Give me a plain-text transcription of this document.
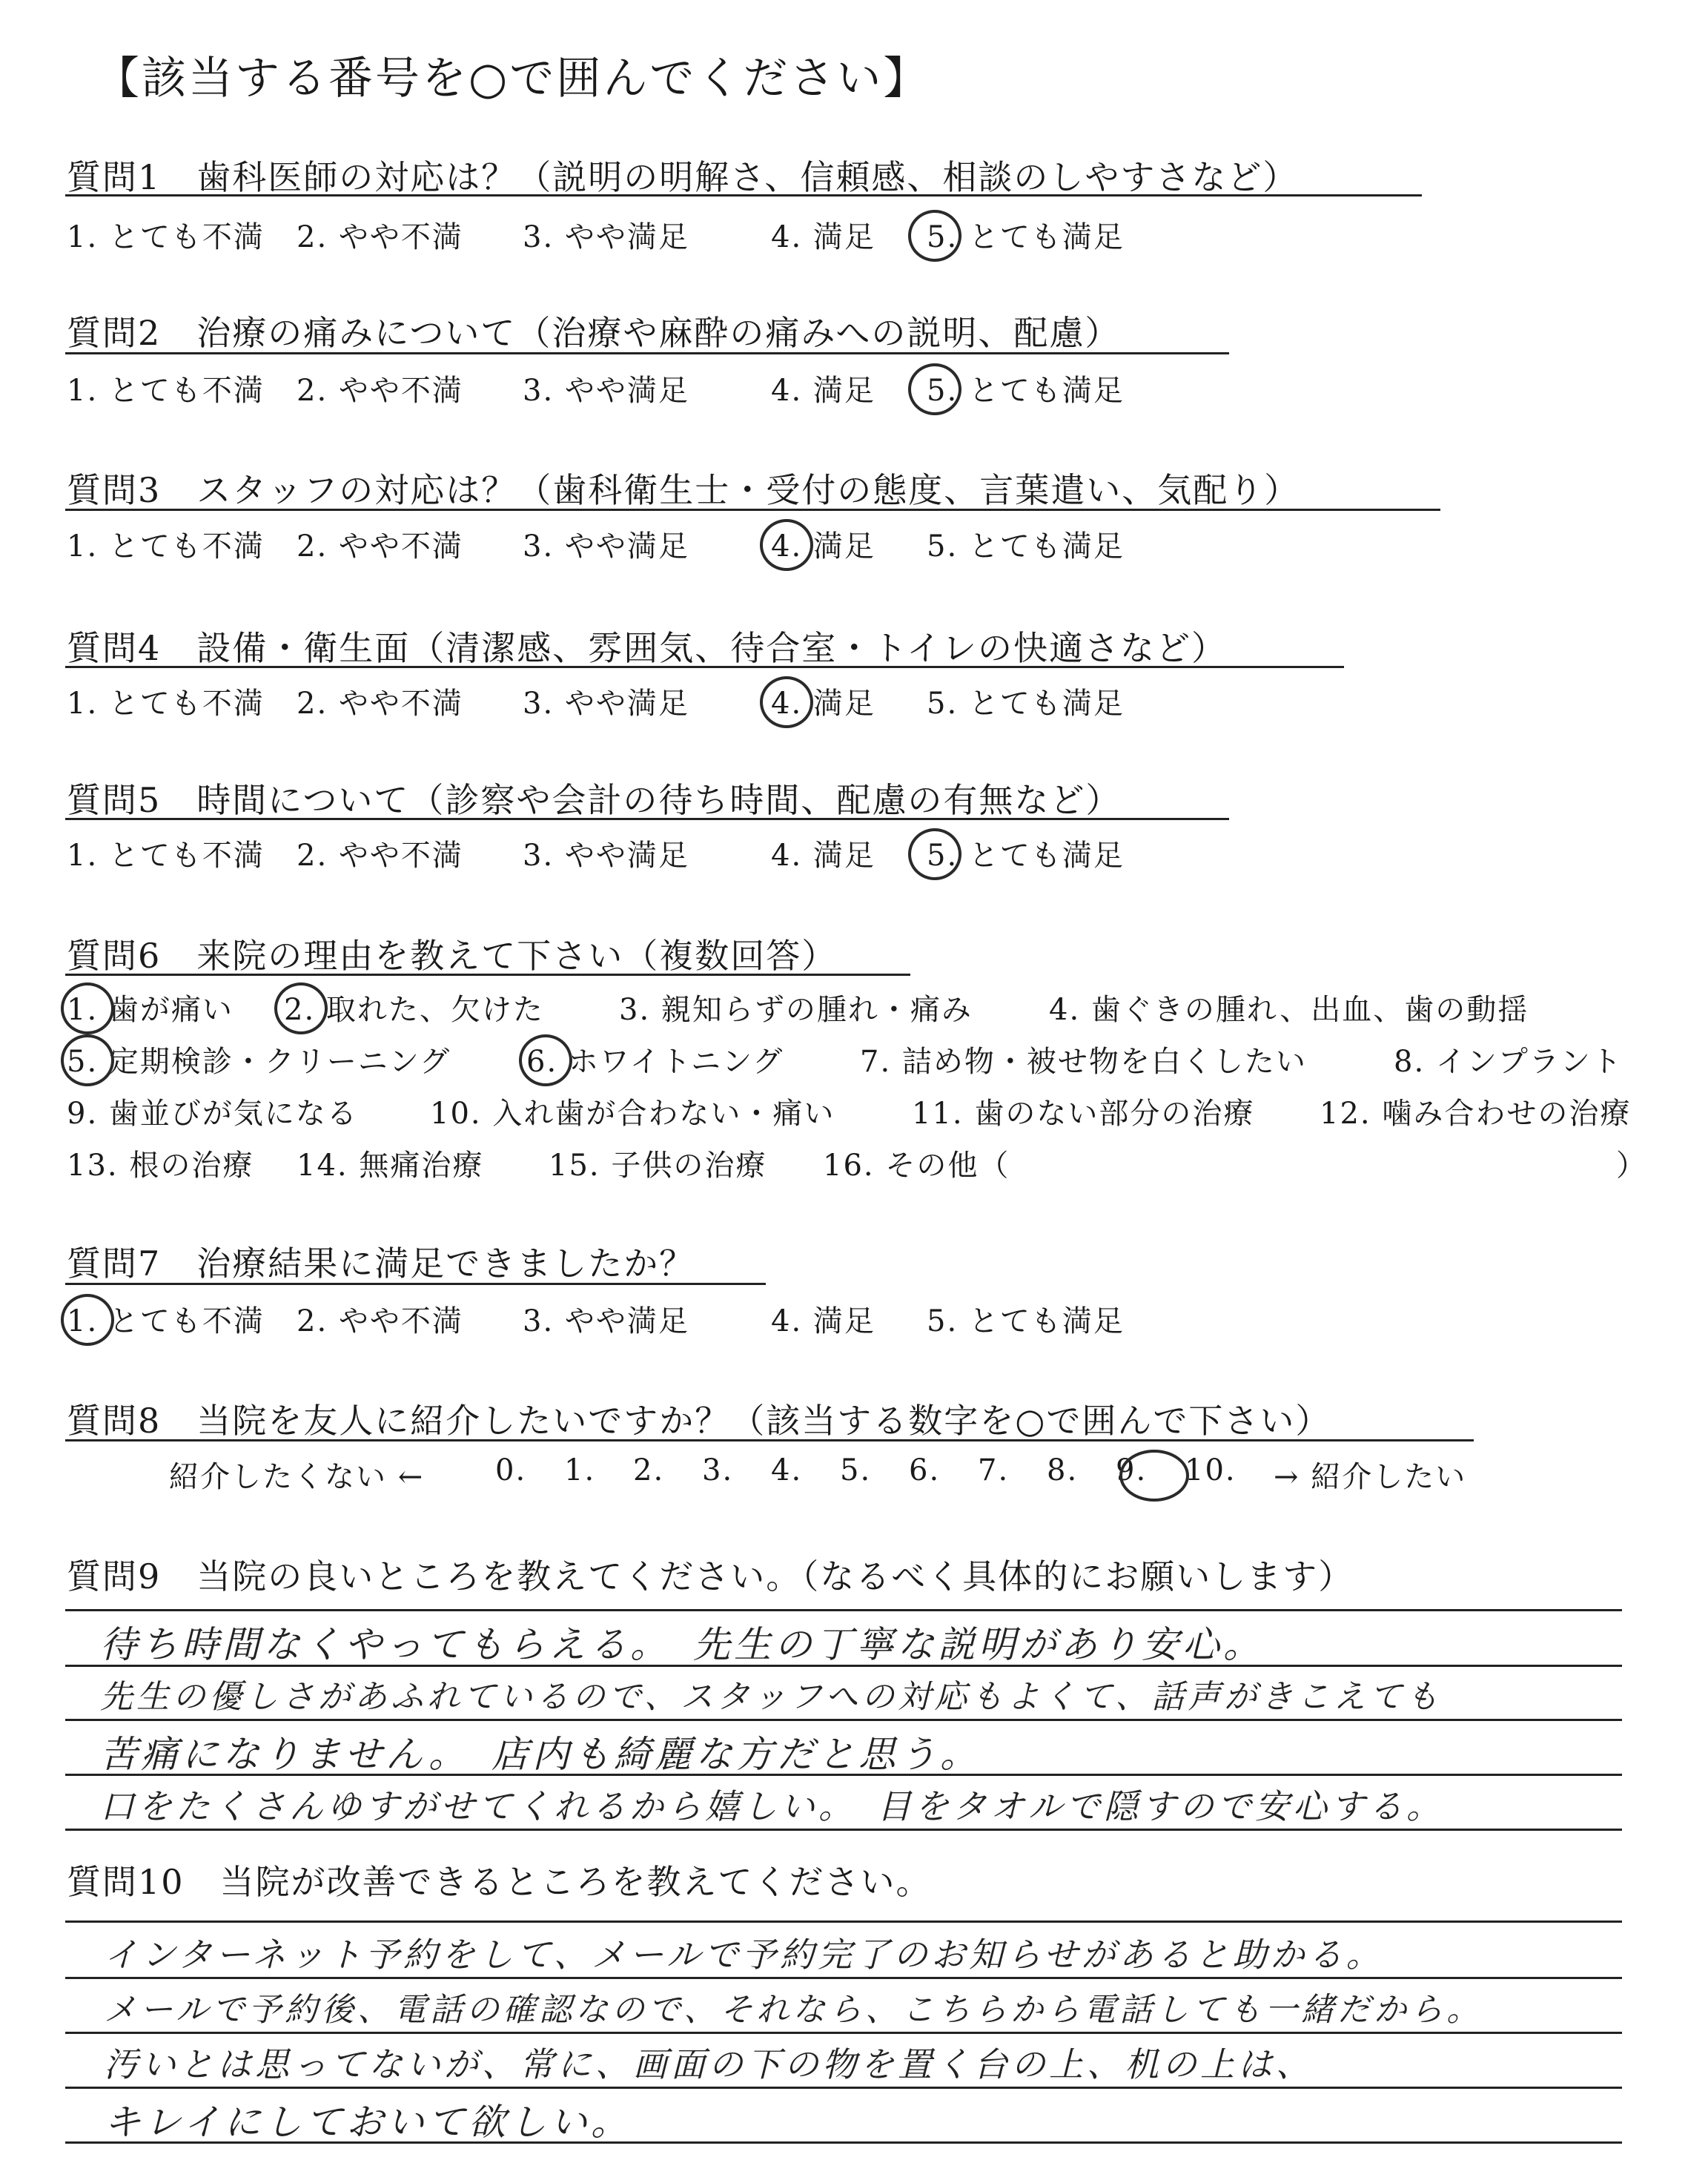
【該当する番号を○で囲んでください】
質問1　歯科医師の対応は？（説明の明解さ、信頼感、相談のしやすさなど）
1. とても不満 2. やや不満 3. やや満足	4. 満足 5. とても満足
質問2　治療の痛みについて（治療や麻酔の痛みへの説明、配慮）
1. とても不満 2. やや不満 3. やや満足	4. 満足 5. とても満足
質問3　スタッフの対応は？（歯科衛生士・受付の態度、言葉遣い、気配り）
1. とても不満 2. やや不満 3. やや満足	4. 満足 5. とても満足
質問4　設備・衛生面（清潔感、雰囲気、待合室・トイレの快適さなど）
1. とても不満 2. やや不満 3. やや満足	4. 満足 5. とても満足
質問5　時間について（診察や会計の待ち時間、配慮の有無など）
1. とても不満 2. やや不満 3. やや満足	4. 満足 5. とても満足
質問6　来院の理由を教えて下さい（複数回答）
1. 歯が痛い 2. 取れた、欠けた	3. 親知らずの腫れ・痛み	4. 歯ぐきの腫れ、出血、歯の動揺
5. 定期検診・クリーニング	6. ホワイトニング	7. 詰め物・被せ物を白くしたい	8. インプラント
9. 歯並びが気になる 10. 入れ歯が合わない・痛い	11. 歯のない部分の治療 12. 噛み合わせの治療
13. 根の治療 14. 無痛治療 15. 子供の治療 16. その他（	）
質問7　治療結果に満足できましたか？
1. とても不満 2. やや不満 3. やや満足	4. 満足 5. とても満足
質問8　当院を友人に紹介したいですか？（該当する数字を○で囲んで下さい）
紹介したくない ← 0. 1. 2. 3. 4. 5. 6. 7. 8. 9. 10. → 紹介したい
質問9　当院の良いところを教えてください。（なるべく具体的にお願いします）
待ち時間なくやってもらえる。　先生の丁寧な説明があり安心。
先生の優しさがあふれているので、スタッフへの対応もよくて、話声がきこえても
苦痛になりません。　店内も綺麗な方だと思う。
口をたくさんゆすがせてくれるから嬉しい。　目をタオルで隠すので安心する。
質問10　当院が改善できるところを教えてください。
インターネット予約をして、メールで予約完了のお知らせがあると助かる。
メールで予約後、電話の確認なので、それなら、こちらから電話しても一緒だから。
汚いとは思ってないが、常に、画面の下の物を置く台の上、机の上は、
キレイにしておいて欲しい。
